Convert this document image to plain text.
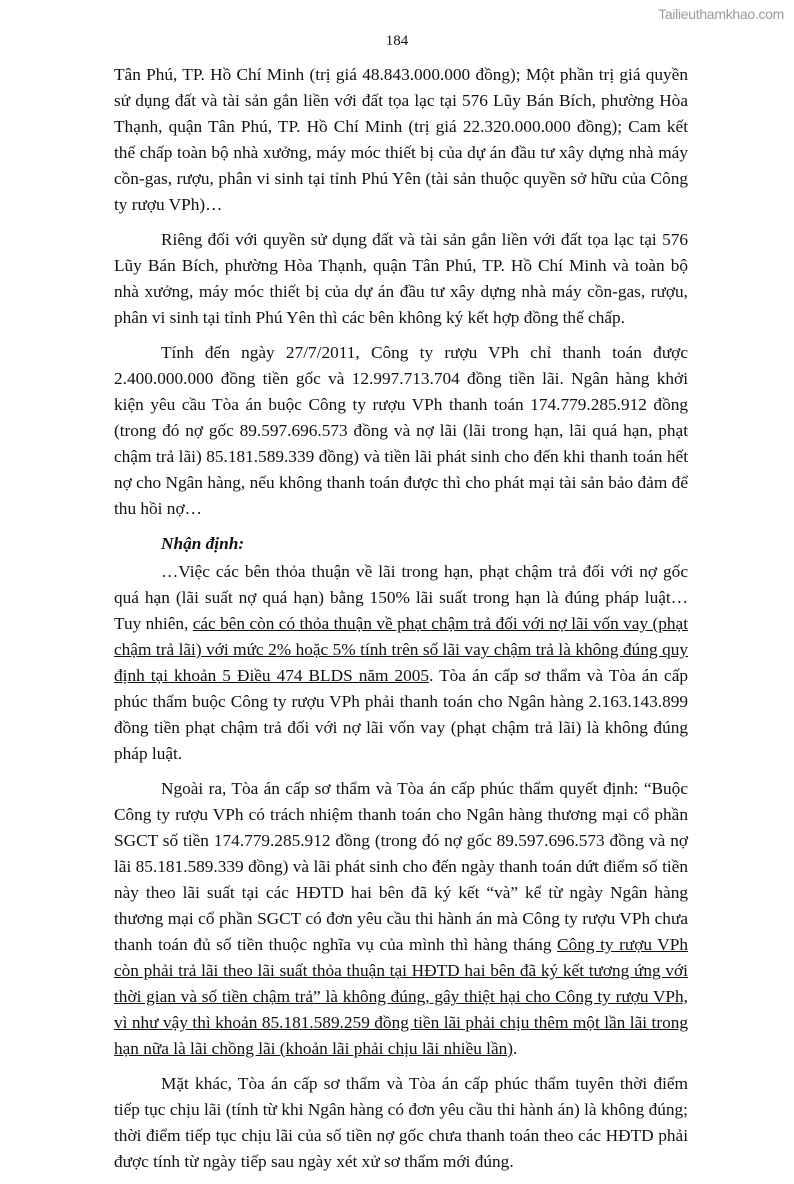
Tailieuthamkhao.com
184

Tân Phú, TP. Hồ Chí Minh (trị giá 48.843.000.000 đồng); Một phần trị giá quyền sử dụng đất và tài sản gắn liền với đất tọa lạc tại 576 Lũy Bán Bích, phường Hòa Thạnh, quận Tân Phú, TP. Hồ Chí Minh (trị giá 22.320.000.000 đồng); Cam kết thế chấp toàn bộ nhà xưởng, máy móc thiết bị của dự án đầu tư xây dựng nhà máy cồn-gas, rượu, phân vi sinh tại tỉnh Phú Yên (tài sản thuộc quyền sở hữu của Công ty rượu VPh)…

Riêng đối với quyền sử dụng đất và tài sản gắn liền với đất tọa lạc tại 576 Lũy Bán Bích, phường Hòa Thạnh, quận Tân Phú, TP. Hồ Chí Minh và toàn bộ nhà xưởng, máy móc thiết bị của dự án đầu tư xây dựng nhà máy cồn-gas, rượu, phân vi sinh tại tỉnh Phú Yên thì các bên không ký kết hợp đồng thế chấp.

Tính đến ngày 27/7/2011, Công ty rượu VPh chỉ thanh toán được 2.400.000.000 đồng tiền gốc và 12.997.713.704 đồng tiền lãi. Ngân hàng khởi kiện yêu cầu Tòa án buộc Công ty rượu VPh thanh toán 174.779.285.912 đồng (trong đó nợ gốc 89.597.696.573 đồng và nợ lãi (lãi trong hạn, lãi quá hạn, phạt chậm trả lãi) 85.181.589.339 đồng) và tiền lãi phát sinh cho đến khi thanh toán hết nợ cho Ngân hàng, nếu không thanh toán được thì cho phát mại tài sản bảo đảm để thu hồi nợ…

Nhận định:

…Việc các bên thỏa thuận về lãi trong hạn, phạt chậm trả đối với nợ gốc quá hạn (lãi suất nợ quá hạn) bằng 150% lãi suất trong hạn là đúng pháp luật… Tuy nhiên, các bên còn có thỏa thuận về phạt chậm trả đối với nợ lãi vốn vay (phạt chậm trả lãi) với mức 2% hoặc 5% tính trên số lãi vay chậm trả là không đúng quy định tại khoản 5 Điều 474 BLDS năm 2005. Tòa án cấp sơ thẩm và Tòa án cấp phúc thẩm buộc Công ty rượu VPh phải thanh toán cho Ngân hàng 2.163.143.899 đồng tiền phạt chậm trả đối với nợ lãi vốn vay (phạt chậm trả lãi) là không đúng pháp luật.

Ngoài ra, Tòa án cấp sơ thẩm và Tòa án cấp phúc thẩm quyết định: “Buộc Công ty rượu VPh có trách nhiệm thanh toán cho Ngân hàng thương mại cổ phần SGCT số tiền 174.779.285.912 đồng (trong đó nợ gốc 89.597.696.573 đồng và nợ lãi 85.181.589.339 đồng) và lãi phát sinh cho đến ngày thanh toán dứt điểm số tiền này theo lãi suất tại các HĐTD hai bên đã ký kết “và” kể từ ngày Ngân hàng thương mại cổ phần SGCT có đơn yêu cầu thi hành án mà Công ty rượu VPh chưa thanh toán đủ số tiền thuộc nghĩa vụ của mình thì hàng tháng Công ty rượu VPh còn phải trả lãi theo lãi suất thỏa thuận tại HĐTD hai bên đã ký kết tương ứng với thời gian và số tiền chậm trả” là không đúng, gây thiệt hại cho Công ty rượu VPh, vì như vậy thì khoản 85.181.589.259 đồng tiền lãi phải chịu thêm một lần lãi trong hạn nữa là lãi chồng lãi (khoản lãi phải chịu lãi nhiều lần).

Mặt khác, Tòa án cấp sơ thẩm và Tòa án cấp phúc thẩm tuyên thời điểm tiếp tục chịu lãi (tính từ khi Ngân hàng có đơn yêu cầu thi hành án) là không đúng; thời điểm tiếp tục chịu lãi của số tiền nợ gốc chưa thanh toán theo các HĐTD phải được tính từ ngày tiếp sau ngày xét xử sơ thẩm mới đúng.
